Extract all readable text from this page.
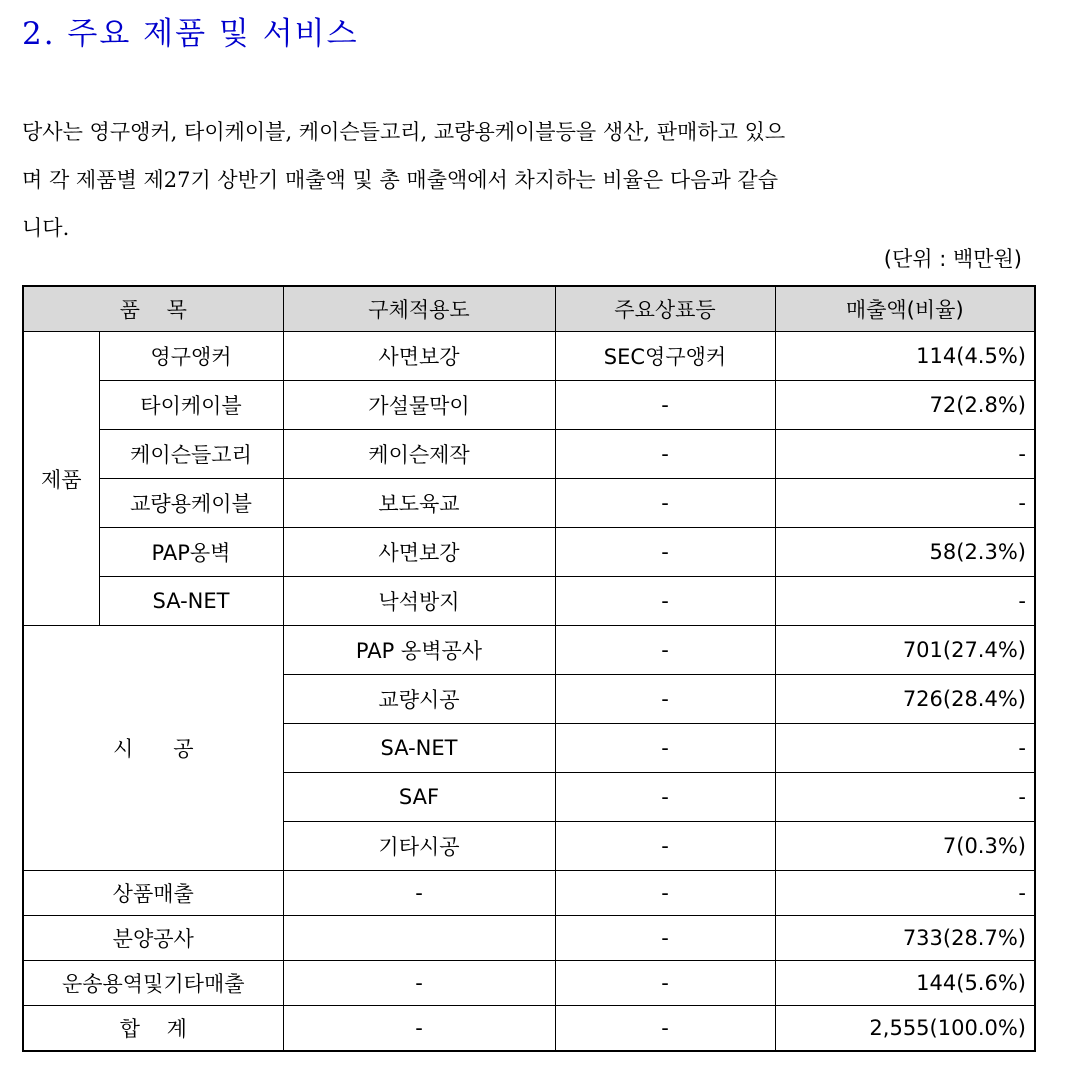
2. 주요 제품 및 서비스
당사는 영구앵커, 타이케이블, 케이슨들고리, 교량용케이블등을 생산, 판매하고 있으
며 각 제품별 제27기 상반기 매출액 및 총 매출액에서 차지하는 비율은 다음과 같습
니다.
(단위 : 백만원)
품    목		구체적용도	주요상표등	매출액(비율)
제품	영구앵커	사면보강	SEC영구앵커	114(4.5%)
	타이케이블	가설물막이	-	72(2.8%)
	케이슨들고리	케이슨제작	-	-
	교량용케이블	보도육교	-	-
	PAP옹벽	사면보강	-	58(2.3%)
	SA-NET	낙석방지	-	-
시      공		PAP 옹벽공사	-	701(27.4%)
		교량시공	-	726(28.4%)
		SA-NET	-	-
		SAF	-	-
		기타시공	-	7(0.3%)
상품매출		-	-	-
분양공사			-	733(28.7%)
운송용역및기타매출		-	-	144(5.6%)
합    계		-	-	2,555(100.0%)
